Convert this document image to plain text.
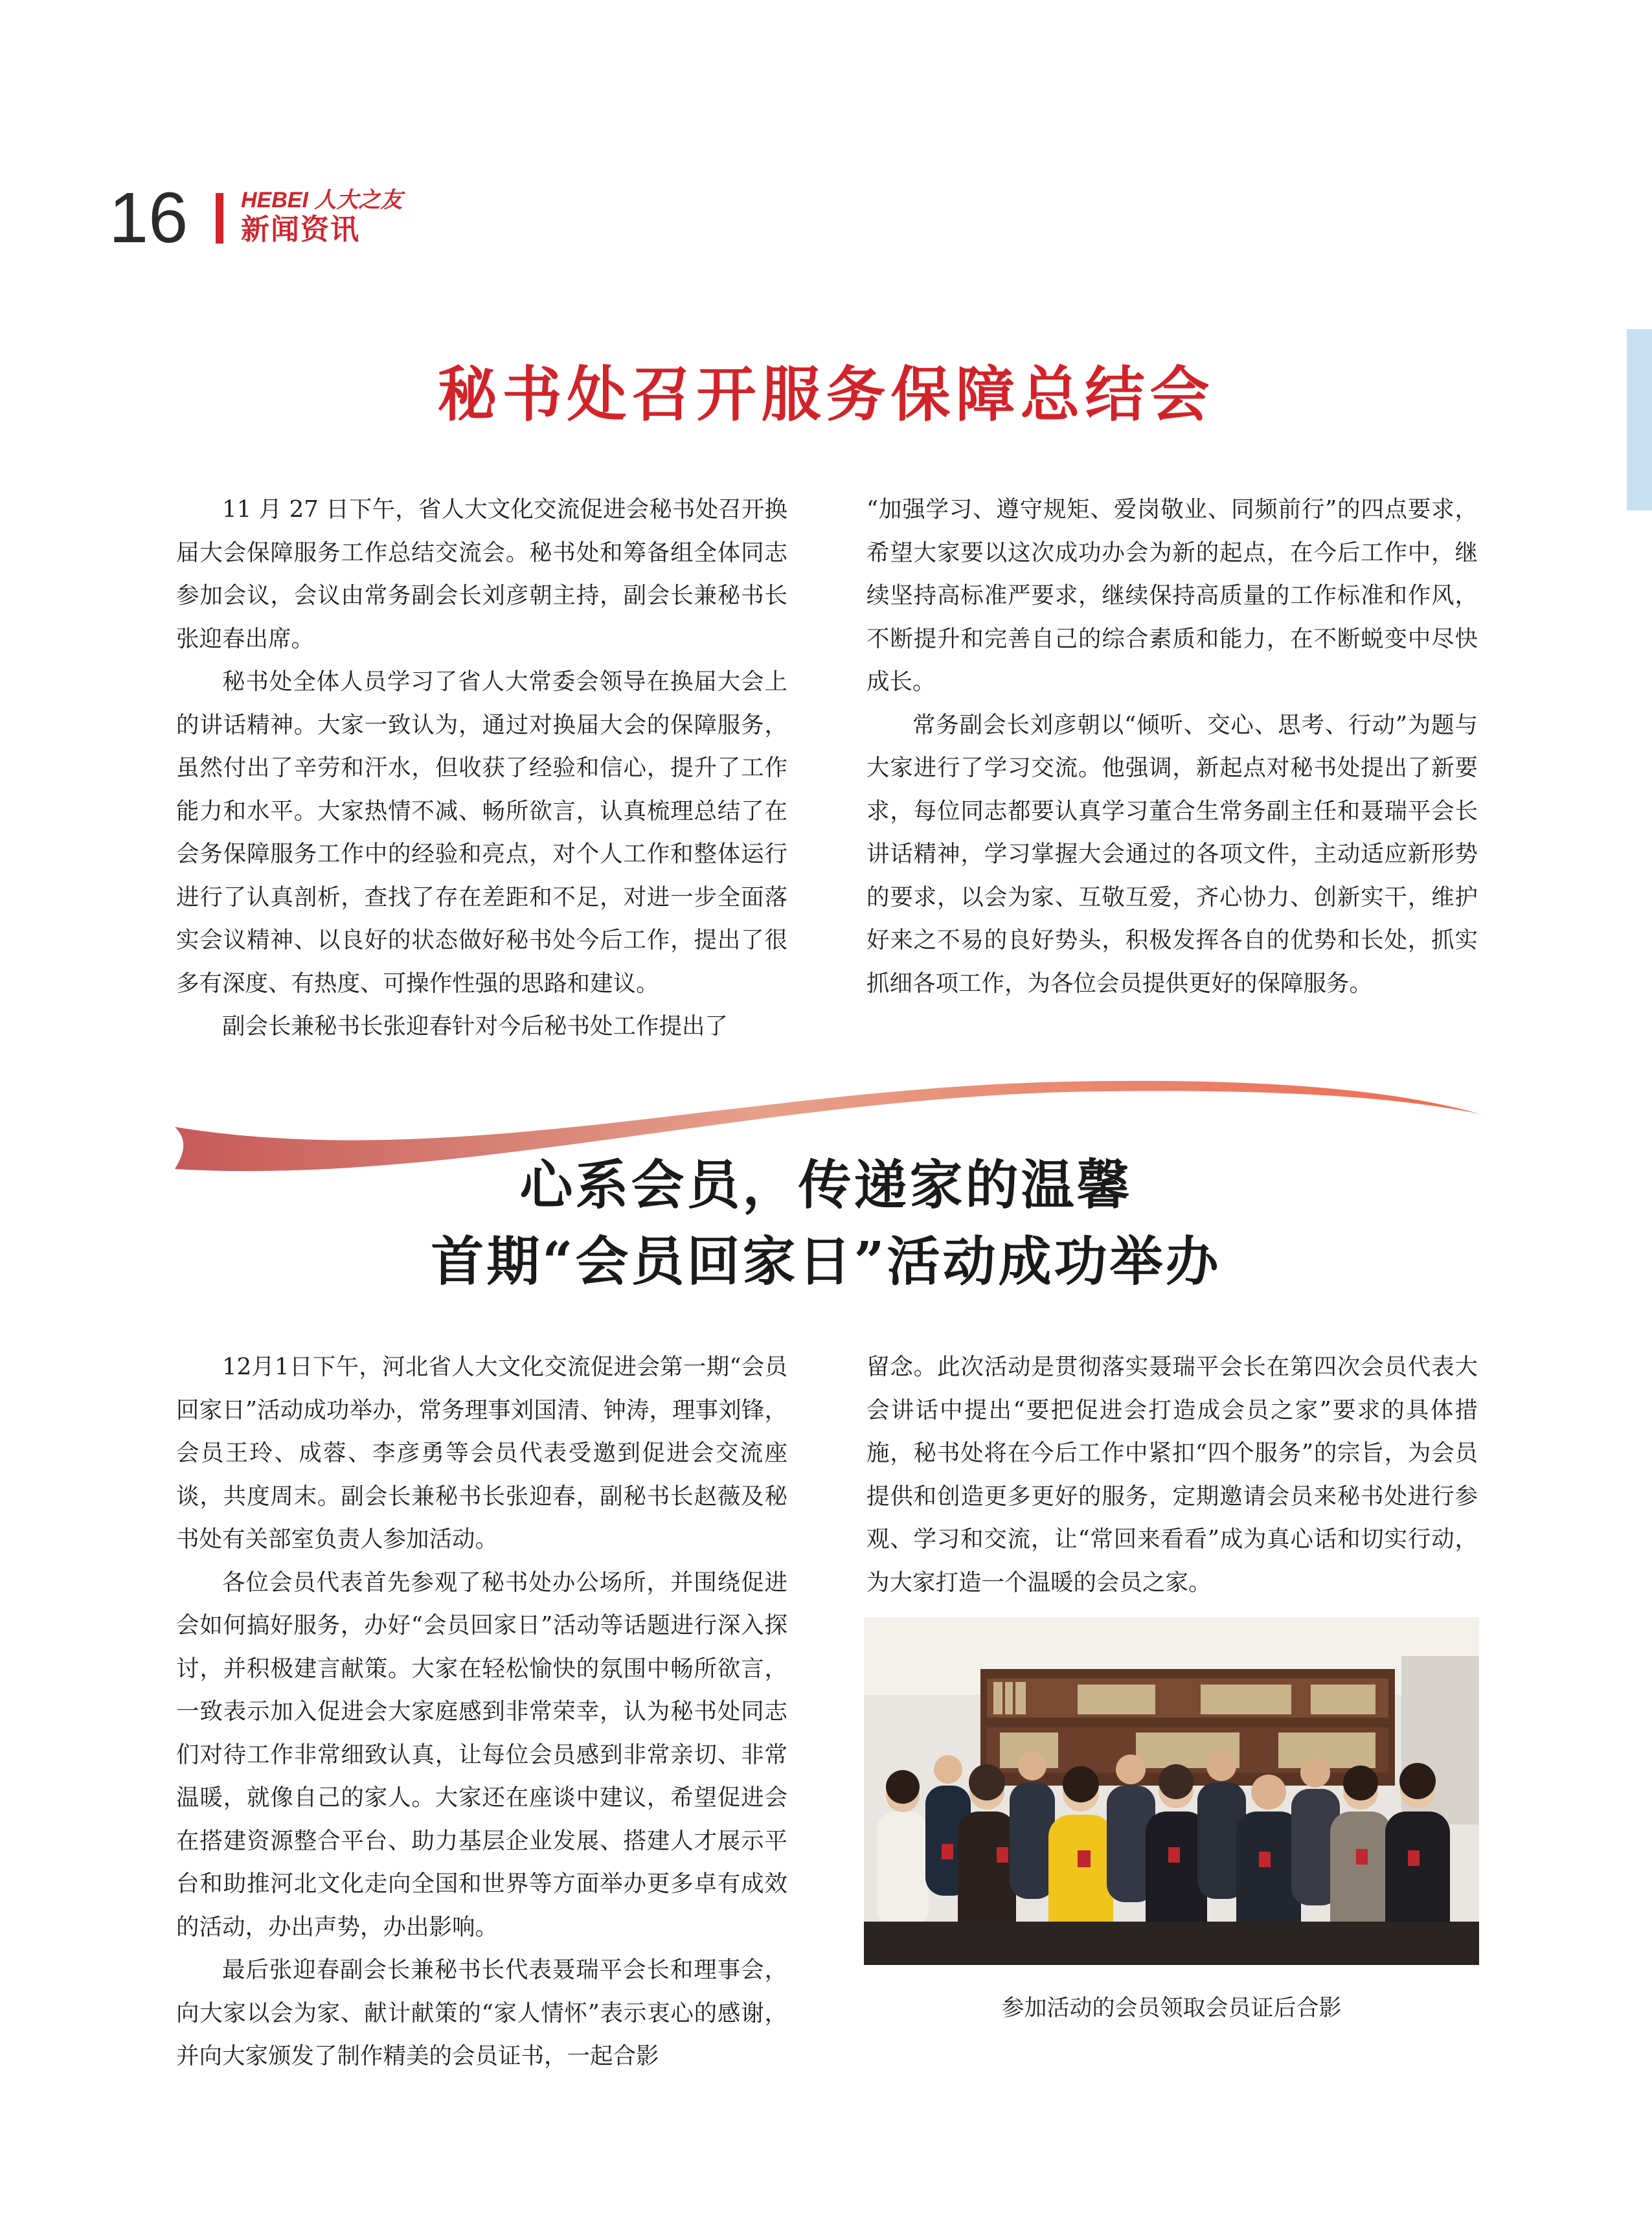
16 HEBEI 人大之友
新闻资讯
秘书处召开服务保障总结会

11 月 27 日下午，省人大文化交流促进会秘书处召开换届大会保障服务工作总结交流会。秘书处和筹备组全体同志参加会议，会议由常务副会长刘彦朝主持，副会长兼秘书长张迎春出席。

秘书处全体人员学习了省人大常委会领导在换届大会上的讲话精神。大家一致认为，通过对换届大会的保障服务，虽然付出了辛劳和汗水，但收获了经验和信心，提升了工作能力和水平。大家热情不减、畅所欲言，认真梳理总结了在会务保障服务工作中的经验和亮点，对个人工作和整体运行进行了认真剖析，查找了存在差距和不足，对进一步全面落实会议精神、以良好的状态做好秘书处今后工作，提出了很多有深度、有热度、可操作性强的思路和建议。

副会长兼秘书长张迎春针对今后秘书处工作提出了

“加强学习、遵守规矩、爱岗敬业、同频前行”的四点要求，希望大家要以这次成功办会为新的起点，在今后工作中，继续坚持高标准严要求，继续保持高质量的工作标准和作风，不断提升和完善自己的综合素质和能力，在不断蜕变中尽快成长。

常务副会长刘彦朝以“倾听、交心、思考、行动”为题与大家进行了学习交流。他强调，新起点对秘书处提出了新要求，每位同志都要认真学习董合生常务副主任和聂瑞平会长讲话精神，学习掌握大会通过的各项文件，主动适应新形势的要求，以会为家、互敬互爱，齐心协力、创新实干，维护好来之不易的良好势头，积极发挥各自的优势和长处，抓实抓细各项工作，为各位会员提供更好的保障服务。

心系会员，传递家的温馨
首期“会员回家日”活动成功举办

12月1日下午，河北省人大文化交流促进会第一期“会员回家日”活动成功举办，常务理事刘国清、钟涛，理事刘锋，会员王玲、成蓉、李彦勇等会员代表受邀到促进会交流座谈，共度周末。副会长兼秘书长张迎春，副秘书长赵薇及秘书处有关部室负责人参加活动。

各位会员代表首先参观了秘书处办公场所，并围绕促进会如何搞好服务，办好“会员回家日”活动等话题进行深入探讨，并积极建言献策。大家在轻松愉快的氛围中畅所欲言，一致表示加入促进会大家庭感到非常荣幸，认为秘书处同志们对待工作非常细致认真，让每位会员感到非常亲切、非常温暖，就像自己的家人。大家还在座谈中建议，希望促进会在搭建资源整合平台、助力基层企业发展、搭建人才展示平台和助推河北文化走向全国和世界等方面举办更多卓有成效的活动，办出声势，办出影响。

最后张迎春副会长兼秘书长代表聂瑞平会长和理事会，向大家以会为家、献计献策的“家人情怀”表示衷心的感谢，并向大家颁发了制作精美的会员证书，一起合影

留念。此次活动是贯彻落实聂瑞平会长在第四次会员代表大会讲话中提出“要把促进会打造成会员之家”要求的具体措施，秘书处将在今后工作中紧扣“四个服务”的宗旨，为会员提供和创造更多更好的服务，定期邀请会员来秘书处进行参观、学习和交流，让“常回来看看”成为真心话和切实行动，为大家打造一个温暖的会员之家。

参加活动的会员领取会员证后合影
